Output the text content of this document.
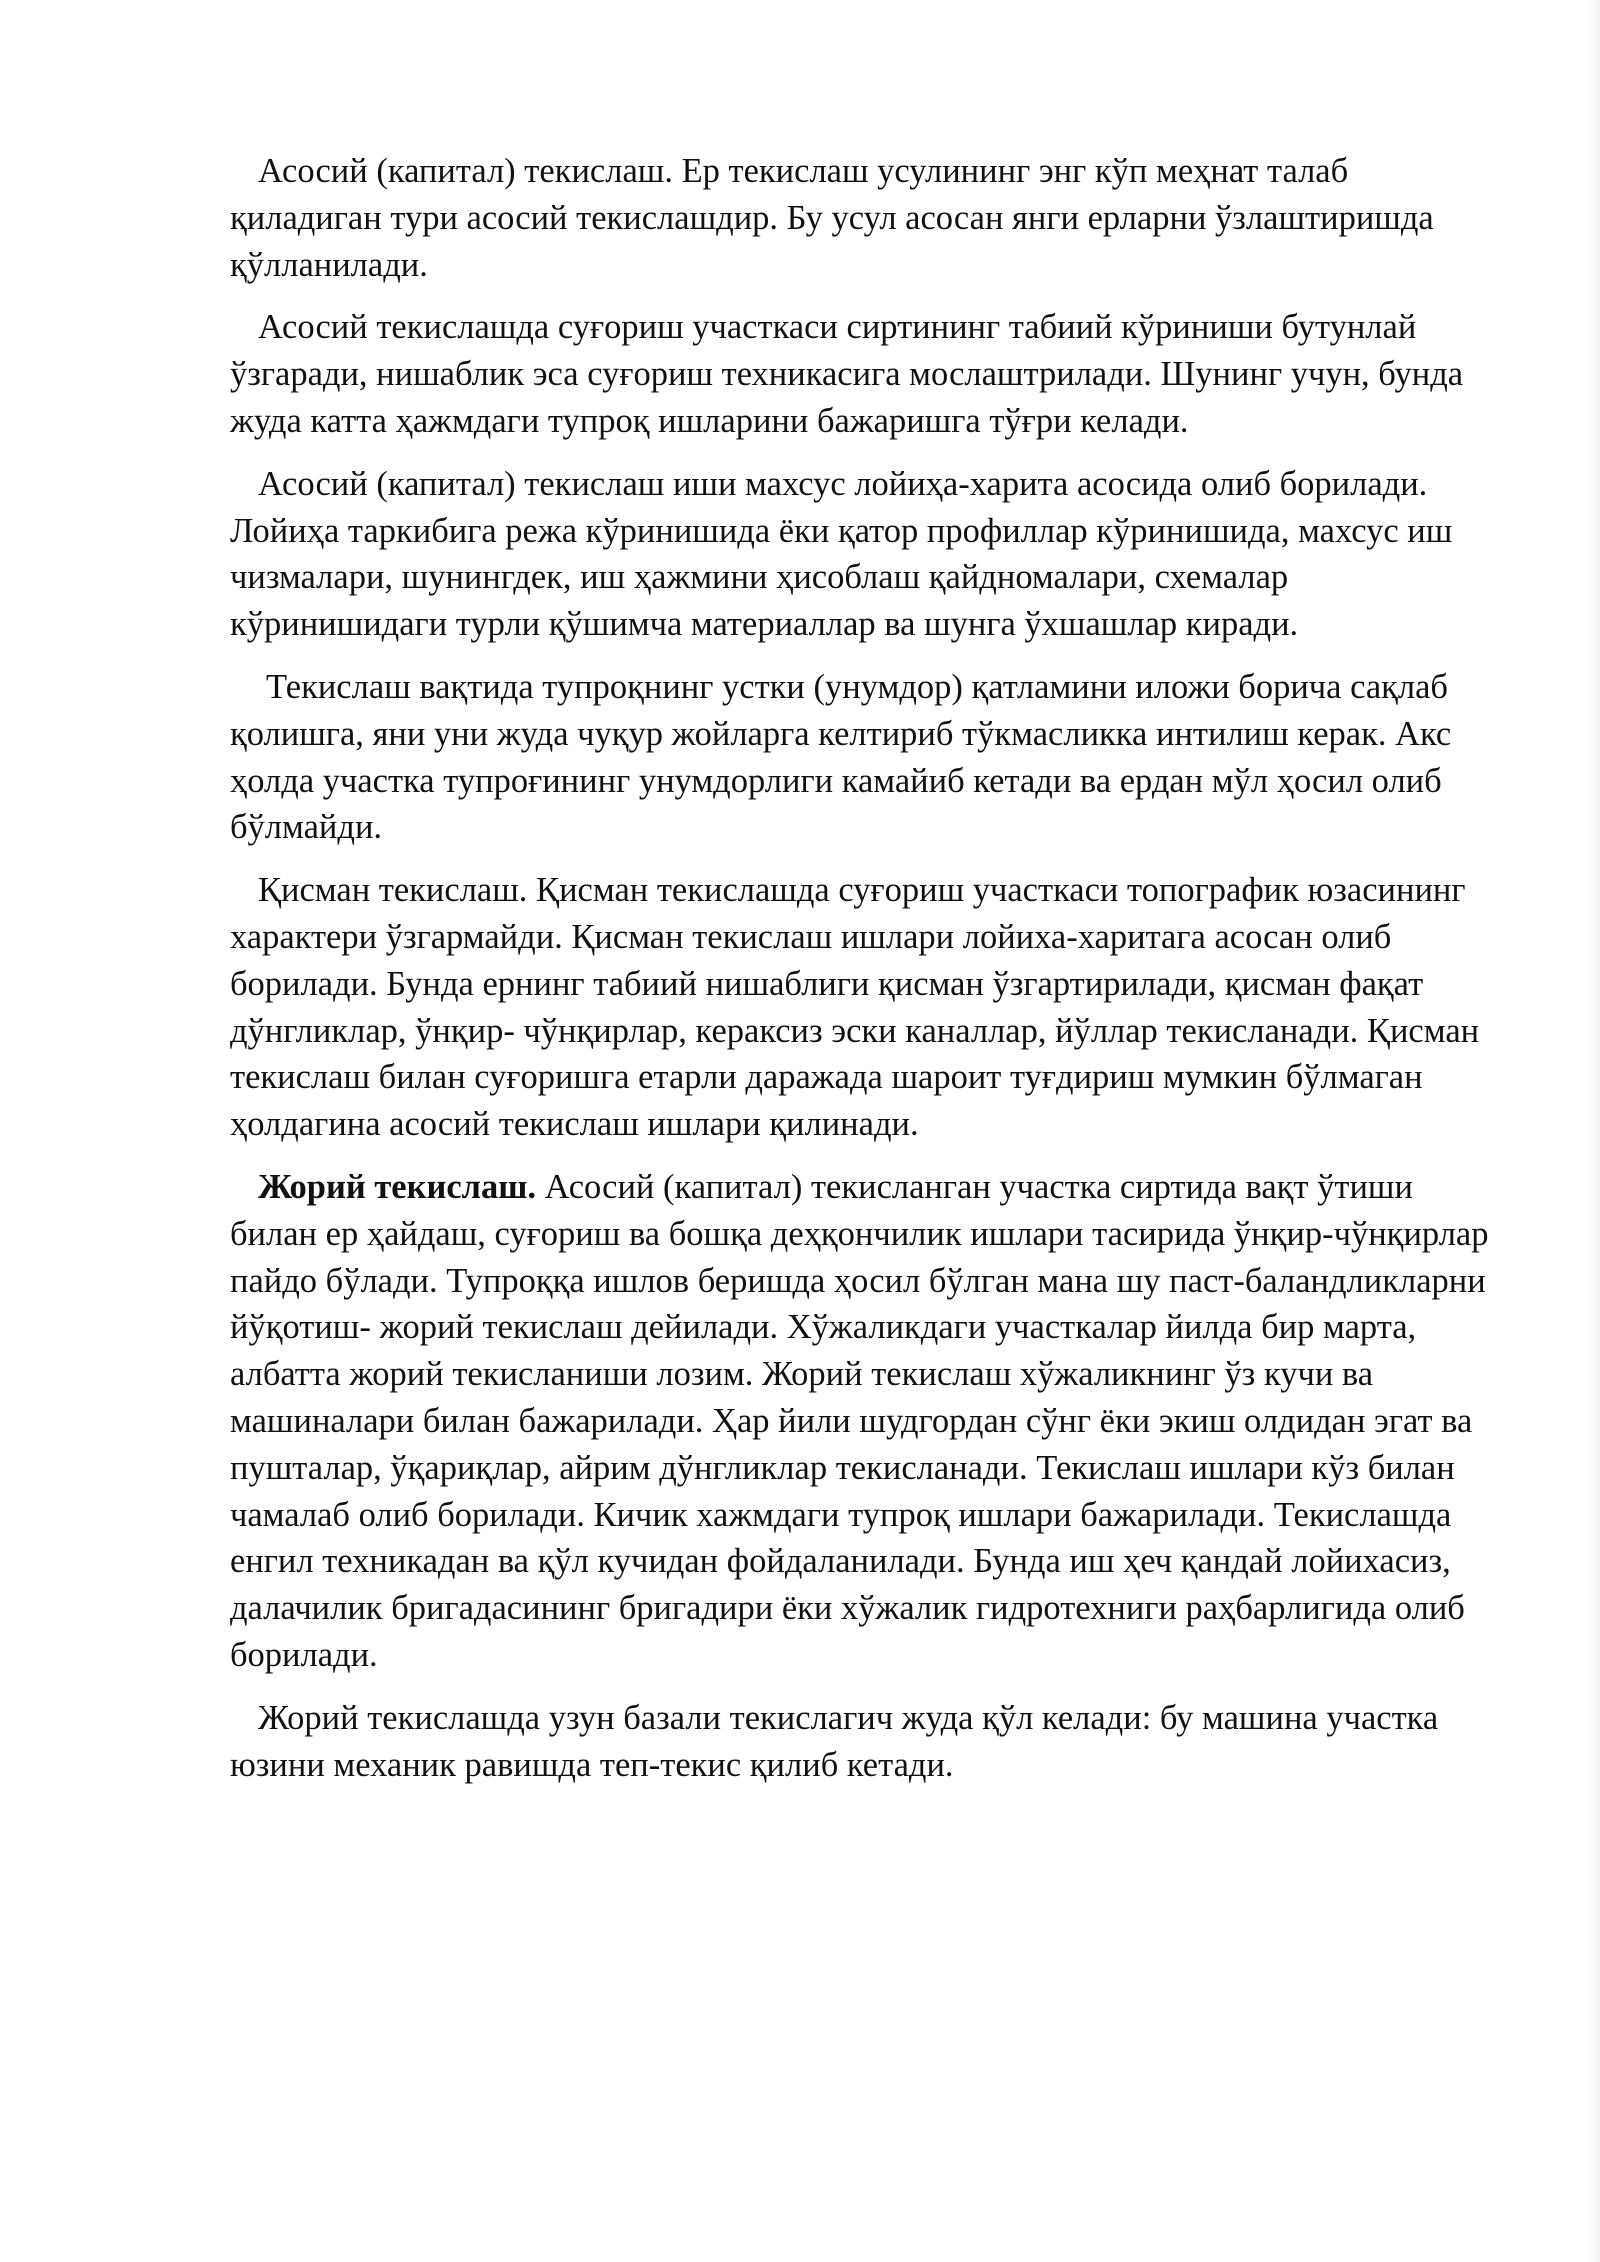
Асосий (капитал) текислаш. Ер текислаш усулининг энг кўп меҳнат талаб қиладиган тури асосий текислашдир. Бу усул асосан янги ерларни ўзлаштиришда қўлланилади.

Асосий текислашда суғориш участкаси сиртининг табиий кўриниши бутунлай ўзгаради, нишаблик эса суғориш техникасига мослаштрилади. Шунинг учун, бунда жуда катта ҳажмдаги тупроқ ишларини бажаришга тўғри келади.

Асосий (капитал) текислаш иши махсус лойиҳа-харита асосида олиб борилади. Лойиҳа таркибига режа кўринишида ёки қатор профиллар кўринишида, махсус иш чизмалари, шунингдек, иш ҳажмини ҳисоблаш қайдномалари, схемалар кўринишидаги турли қўшимча материаллар ва шунга ўхшашлар киради.

Текислаш вақтида тупроқнинг устки (унумдор) қатламини иложи борича сақлаб қолишга, яни уни жуда чуқур жойларга келтириб тўкмасликка интилиш керак. Акс ҳолда участка тупроғининг унумдорлиги камайиб кетади ва ердан мўл ҳосил олиб бўлмайди.

Қисман текислаш. Қисман текислашда суғориш участкаси топографик юзасининг характери ўзгармайди. Қисман текислаш ишлари лойиха-харитага асосан олиб борилади. Бунда ернинг табиий нишаблиги қисман ўзгартирилади, қисман фақат дўнгликлар, ўнқир- чўнқирлар, кераксиз эски каналлар, йўллар текисланади. Қисман текислаш билан суғоришга етарли даражада шароит туғдириш мумкин бўлмаган ҳолдагина асосий текислаш ишлари қилинади.

Жорий текислаш. Асосий (капитал) текисланган участка сиртида вақт ўтиши билан ер ҳайдаш, суғориш ва бошқа деҳқончилик ишлари тасирида ўнқир-чўнқирлар пайдо бўлади. Тупроққа ишлов беришда ҳосил бўлган мана шу паст-баландликларни йўқотиш- жорий текислаш дейилади. Хўжаликдаги участкалар йилда бир марта, албатта жорий текисланиши лозим. Жорий текислаш хўжаликнинг ўз кучи ва машиналари билан бажарилади. Ҳар йили шудгордан сўнг ёки экиш олдидан эгат ва пушталар, ўқариқлар, айрим дўнгликлар текисланади. Текислаш ишлари кўз билан чамалаб олиб борилади. Кичик хажмдаги тупроқ ишлари бажарилади. Текислашда енгил техникадан ва қўл кучидан фойдаланилади. Бунда иш ҳеч қандай лойихасиз, далачилик бригадасининг бригадири ёки хўжалик гидротехниги раҳбарлигида олиб борилади.

Жорий текислашда узун базали текислагич жуда қўл келади: бу машина участка юзини механик равишда теп-текис қилиб кетади.
